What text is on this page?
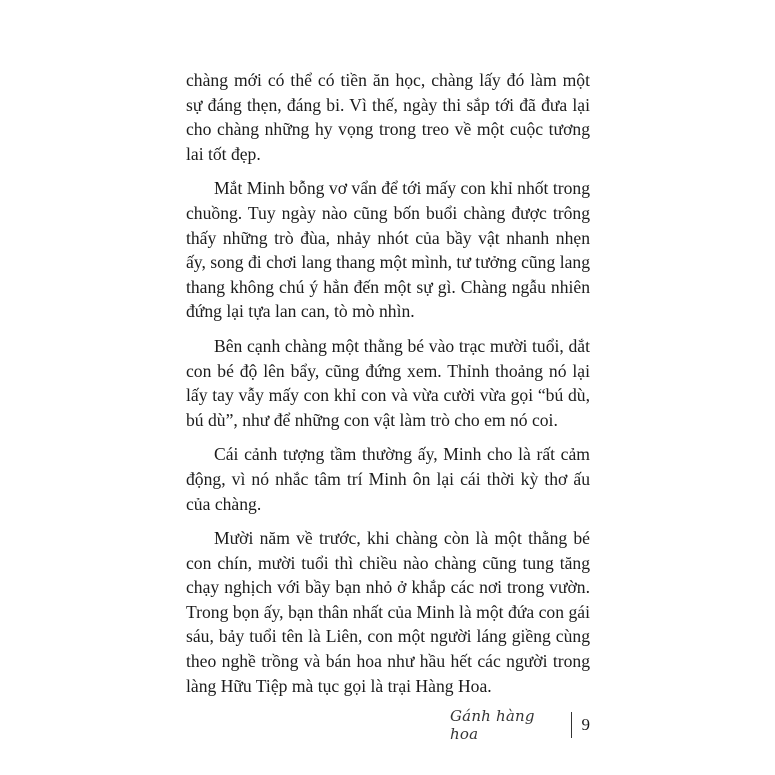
chàng mới có thể có tiền ăn học, chàng lấy đó làm một sự đáng thẹn, đáng bi. Vì thế, ngày thi sắp tới đã đưa lại cho chàng những hy vọng trong treo về một cuộc tương lai tốt đẹp.

Mắt Minh bỗng vơ vẩn để tới mấy con khỉ nhốt trong chuồng. Tuy ngày nào cũng bốn buổi chàng được trông thấy những trò đùa, nhảy nhót của bầy vật nhanh nhẹn ấy, song đi chơi lang thang một mình, tư tưởng cũng lang thang không chú ý hẳn đến một sự gì. Chàng ngẫu nhiên đứng lại tựa lan can, tò mò nhìn.

Bên cạnh chàng một thằng bé vào trạc mười tuổi, dắt con bé độ lên bẩy, cũng đứng xem. Thỉnh thoảng nó lại lấy tay vẫy mấy con khỉ con và vừa cười vừa gọi “bú dù, bú dù”, như để những con vật làm trò cho em nó coi.

Cái cảnh tượng tầm thường ấy, Minh cho là rất cảm động, vì nó nhắc tâm trí Minh ôn lại cái thời kỳ thơ ấu của chàng.

Mười năm về trước, khi chàng còn là một thằng bé con chín, mười tuổi thì chiều nào chàng cũng tung tăng chạy nghịch với bầy bạn nhỏ ở khắp các nơi trong vườn. Trong bọn ấy, bạn thân nhất của Minh là một đứa con gái sáu, bảy tuổi tên là Liên, con một người láng giềng cùng theo nghề trồng và bán hoa như hầu hết các người trong làng Hữu Tiệp mà tục gọi là trại Hàng Hoa.

Gánh hàng hoa	9
